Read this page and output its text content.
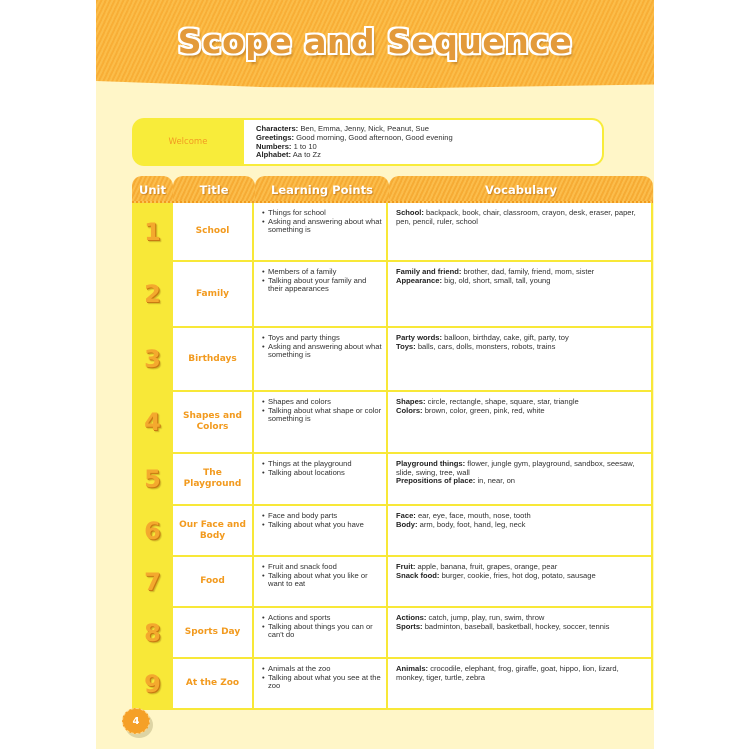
Scope and Sequence
Welcome
Characters: Ben, Emma, Jenny, Nick, Peanut, Sue
Greetings: Good morning, Good afternoon, Good evening
Numbers: 1 to 10
Alphabet: Aa to Zz
Unit	Title	Learning Points	Vocabulary
1	School
• Things for school
• Asking and answering about what something is
School: backpack, book, chair, classroom, crayon, desk, eraser, paper, pen, pencil, ruler, school
2	Family
• Members of a family
• Talking about your family and their appearances
Family and friend: brother, dad, family, friend, mom, sister
Appearance: big, old, short, small, tall, young
3	Birthdays
• Toys and party things
• Asking and answering about what something is
Party words: balloon, birthday, cake, gift, party, toy
Toys: balls, cars, dolls, monsters, robots, trains
4	Shapes and Colors
• Shapes and colors
• Talking about what shape or color something is
Shapes: circle, rectangle, shape, square, star, triangle
Colors: brown, color, green, pink, red, white
5	The Playground
• Things at the playground
• Talking about locations
Playground things: flower, jungle gym, playground, sandbox, seesaw, slide, swing, tree, wall
Prepositions of place: in, near, on
6	Our Face and Body
• Face and body parts
• Talking about what you have
Face: ear, eye, face, mouth, nose, tooth
Body: arm, body, foot, hand, leg, neck
7	Food
• Fruit and snack food
• Talking about what you like or want to eat
Fruit: apple, banana, fruit, grapes, orange, pear
Snack food: burger, cookie, fries, hot dog, potato, sausage
8	Sports Day
• Actions and sports
• Talking about things you can or can't do
Actions: catch, jump, play, run, swim, throw
Sports: badminton, baseball, basketball, hockey, soccer, tennis
9	At the Zoo
• Animals at the zoo
• Talking about what you see at the zoo
Animals: crocodile, elephant, frog, giraffe, goat, hippo, lion, lizard, monkey, tiger, turtle, zebra
4
